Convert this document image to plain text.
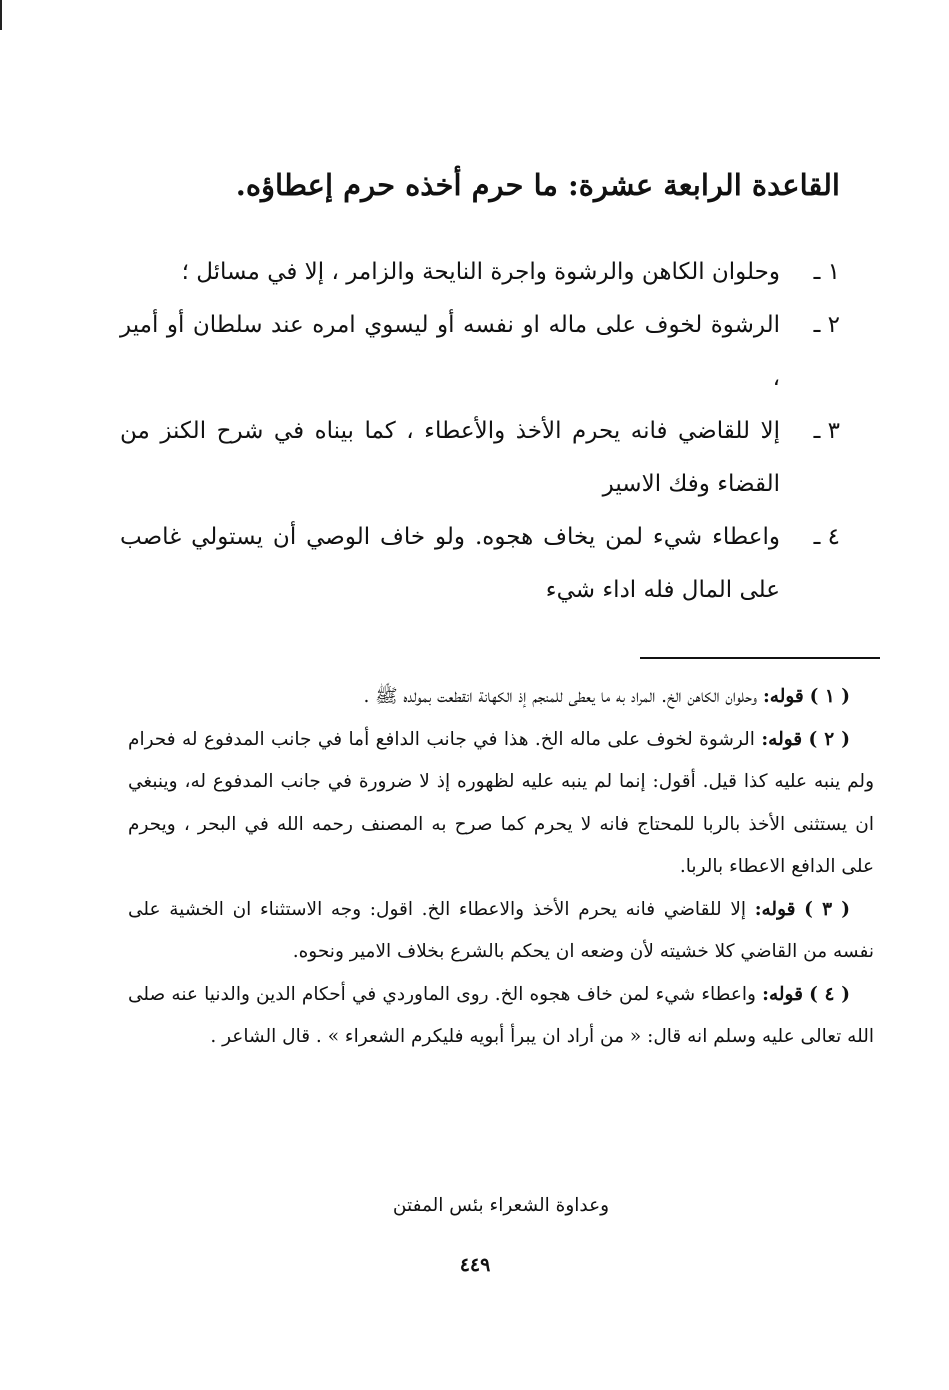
القاعدة الرابعة عشرة: ما حرم أخذه حرم إعطاؤه.
١ ـ
وحلوان الكاهن والرشوة واجرة النايحة والزامر ، إلا في مسائل ؛
٢ ـ
الرشوة لخوف على ماله او نفسه أو ليسوي امره عند سلطان أو أمير ،
٣ ـ
إلا للقاضي فانه يحرم الأخذ والأعطاء ، كما بيناه في شرح الكنز من القضاء وفك الاسير
٤ ـ
واعطاء شيء لمن يخاف هجوه. ولو خاف الوصي أن يستولي غاصب على المال فله اداء شيء

( ١ ) قوله: وحلوان الكاهن الخ. المراد به ما يعطى للمنجم إذ الكهانة انقطعت بمولده ﷺ .

( ٢ ) قوله: الرشوة لخوف على ماله الخ. هذا في جانب الدافع أما في جانب المدفوع له فحرام ولم ينبه عليه كذا قيل. أقول: إنما لم ينبه عليه لظهوره إذ لا ضرورة في جانب المدفوع له، وينبغي ان يستثنى الأخذ بالربا للمحتاج فانه لا يحرم كما صرح به المصنف رحمه الله في البحر ، ويحرم على الدافع الاعطاء بالربا.

( ٣ ) قوله: إلا للقاضي فانه يحرم الأخذ والاعطاء الخ. اقول: وجه الاستثناء ان الخشية على نفسه من القاضي كلا خشيته لأن وضعه ان يحكم بالشرع بخلاف الامير ونحوه.

( ٤ ) قوله: واعطاء شيء لمن خاف هجوه الخ. روى الماوردي في أحكام الدين والدنيا عنه صلى الله تعالى عليه وسلم انه قال: « من أراد ان يبرأ أبويه فليكرم الشعراء » . قال الشاعر .

وعداوة الشعراء بئس المفتن
٤٤٩
